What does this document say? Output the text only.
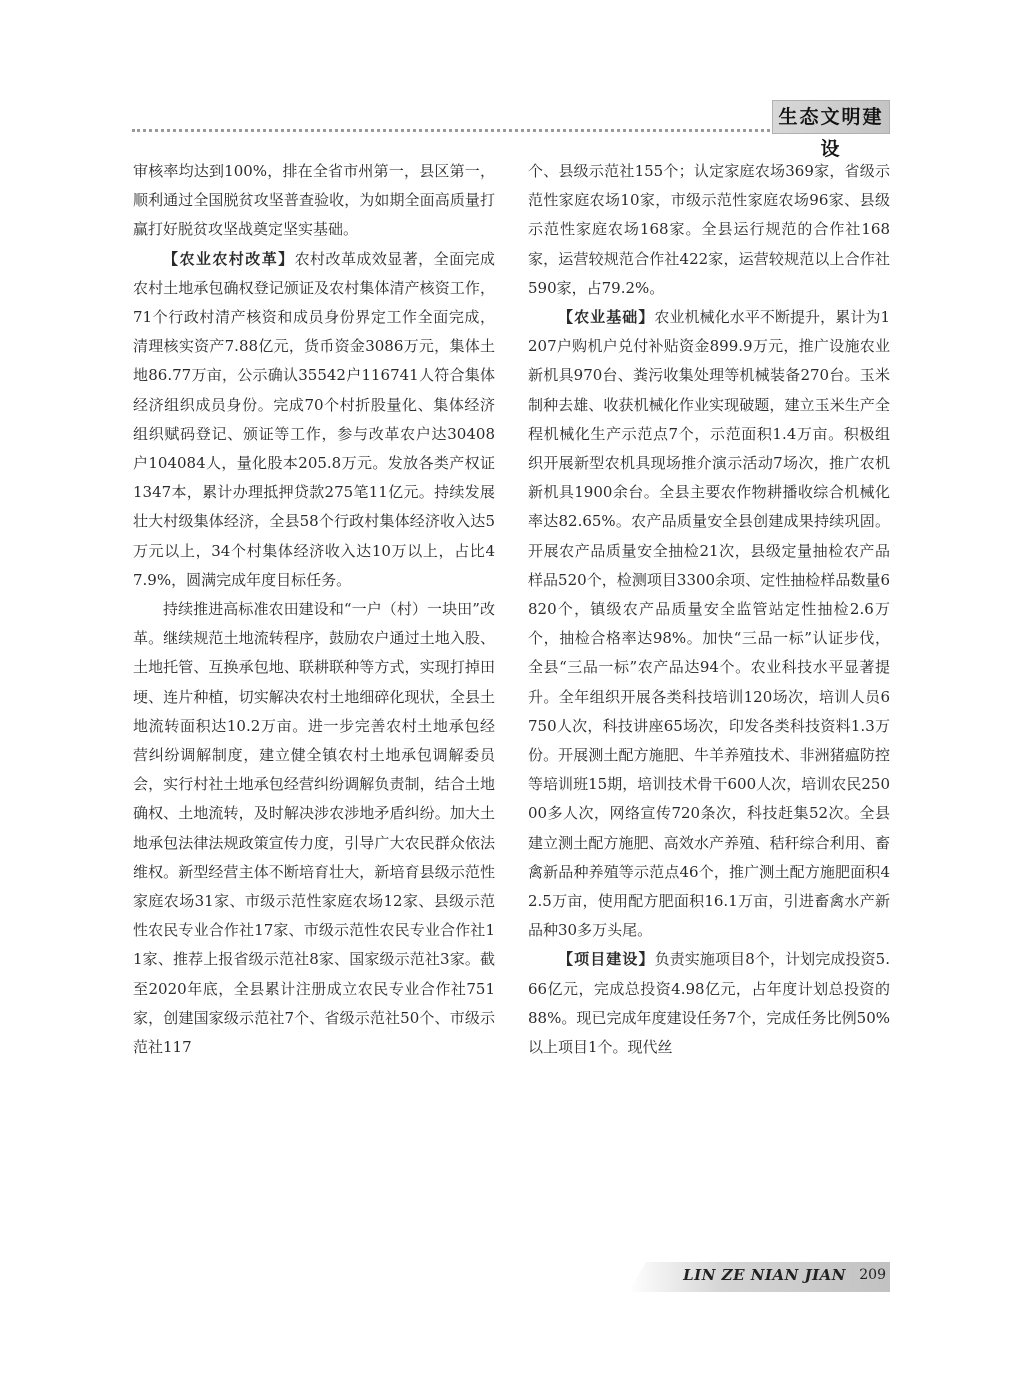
生态文明建设

审核率均达到100%，排在全省市州第一，县区第一，顺利通过全国脱贫攻坚普查验收，为如期全面高质量打赢打好脱贫攻坚战奠定坚实基础。

【农业农村改革】农村改革成效显著，全面完成农村土地承包确权登记颁证及农村集体清产核资工作，71个行政村清产核资和成员身份界定工作全面完成，清理核实资产7.88亿元，货币资金3086万元，集体土地86.77万亩，公示确认35542户116741人符合集体经济组织成员身份。完成70个村折股量化、集体经济组织赋码登记、颁证等工作，参与改革农户达30408户104084人，量化股本205.8万元。发放各类产权证1347本，累计办理抵押贷款275笔11亿元。持续发展壮大村级集体经济，全县58个行政村集体经济收入达5万元以上，34个村集体经济收入达10万以上，占比47.9%，圆满完成年度目标任务。

持续推进高标准农田建设和“一户（村）一块田”改革。继续规范土地流转程序，鼓励农户通过土地入股、土地托管、互换承包地、联耕联种等方式，实现打掉田埂、连片种植，切实解决农村土地细碎化现状，全县土地流转面积达10.2万亩。进一步完善农村土地承包经营纠纷调解制度，建立健全镇农村土地承包调解委员会，实行村社土地承包经营纠纷调解负责制，结合土地确权、土地流转，及时解决涉农涉地矛盾纠纷。加大土地承包法律法规政策宣传力度，引导广大农民群众依法维权。新型经营主体不断培育壮大，新培育县级示范性家庭农场31家、市级示范性家庭农场12家、县级示范性农民专业合作社17家、市级示范性农民专业合作社11家、推荐上报省级示范社8家、国家级示范社3家。截至2020年底，全县累计注册成立农民专业合作社751家，创建国家级示范社7个、省级示范社50个、市级示范社117

个、县级示范社155个；认定家庭农场369家，省级示范性家庭农场10家，市级示范性家庭农场96家、县级示范性家庭农场168家。全县运行规范的合作社168家，运营较规范合作社422家，运营较规范以上合作社590家，占79.2%。

【农业基础】农业机械化水平不断提升，累计为1207户购机户兑付补贴资金899.9万元，推广设施农业新机具970台、粪污收集处理等机械装备270台。玉米制种去雄、收获机械化作业实现破题，建立玉米生产全程机械化生产示范点7个，示范面积1.4万亩。积极组织开展新型农机具现场推介演示活动7场次，推广农机新机具1900余台。全县主要农作物耕播收综合机械化率达82.65%。农产品质量安全县创建成果持续巩固。开展农产品质量安全抽检21次，县级定量抽检农产品样品520个，检测项目3300余项、定性抽检样品数量6820个，镇级农产品质量安全监管站定性抽检2.6万个，抽检合格率达98%。加快“三品一标”认证步伐，全县“三品一标”农产品达94个。农业科技水平显著提升。全年组织开展各类科技培训120场次，培训人员6750人次，科技讲座65场次，印发各类科技资料1.3万份。开展测土配方施肥、牛羊养殖技术、非洲猪瘟防控等培训班15期，培训技术骨干600人次，培训农民25000多人次，网络宣传720条次，科技赶集52次。全县建立测土配方施肥、高效水产养殖、秸秆综合利用、畜禽新品种养殖等示范点46个，推广测土配方施肥面积42.5万亩，使用配方肥面积16.1万亩，引进畜禽水产新品种30多万头尾。

【项目建设】负责实施项目8个，计划完成投资5.66亿元，完成总投资4.98亿元，占年度计划总投资的88%。现已完成年度建设任务7个，完成任务比例50%以上项目1个。现代丝

LIN ZE NIAN JIAN 209
